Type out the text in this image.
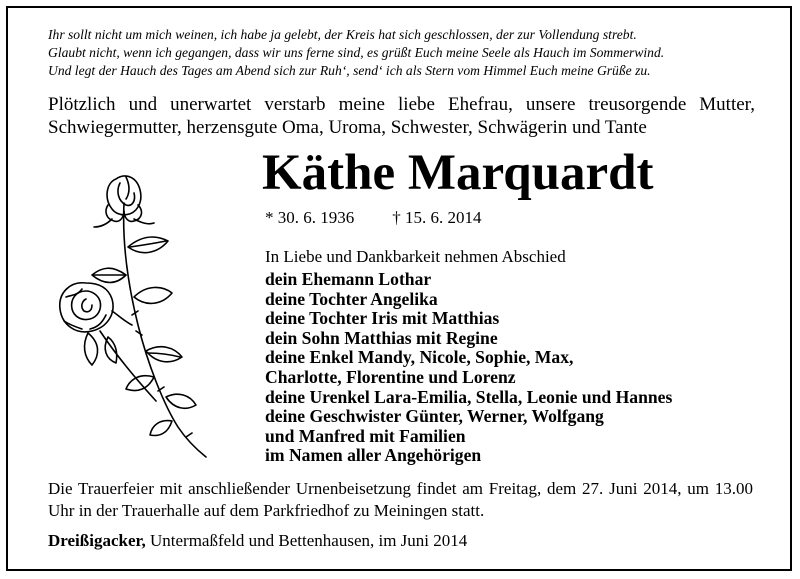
Ihr sollt nicht um mich weinen, ich habe ja gelebt, der Kreis hat sich geschlossen, der zur Vollendung strebt.
Glaubt nicht, wenn ich gegangen, dass wir uns ferne sind, es grüßt Euch meine Seele als Hauch im Sommerwind.
Und legt der Hauch des Tages am Abend sich zur Ruh‘, send‘ ich als Stern vom Himmel Euch meine Grüße zu.
Plötzlich und unerwartet verstarb meine liebe Ehefrau, unsere treusorgende Mutter, Schwiegermutter, herzensgute Oma, Uroma, Schwester, Schwägerin und Tante
Käthe Marquardt
* 30. 6. 1936 † 15. 6. 2014
In Liebe und Dankbarkeit nehmen Abschied
dein Ehemann Lothar
deine Tochter Angelika
deine Tochter Iris mit Matthias
dein Sohn Matthias mit Regine
deine Enkel Mandy, Nicole, Sophie, Max,
Charlotte, Florentine und Lorenz
deine Urenkel Lara-Emilia, Stella, Leonie und Hannes
deine Geschwister Günter, Werner, Wolfgang
und Manfred mit Familien
im Namen aller Angehörigen
Die Trauerfeier mit anschließender Urnenbeisetzung findet am Freitag, dem 27. Juni 2014, um 13.00 Uhr in der Trauerhalle auf dem Parkfriedhof zu Meiningen statt.
Dreißigacker, Untermaßfeld und Bettenhausen, im Juni 2014
